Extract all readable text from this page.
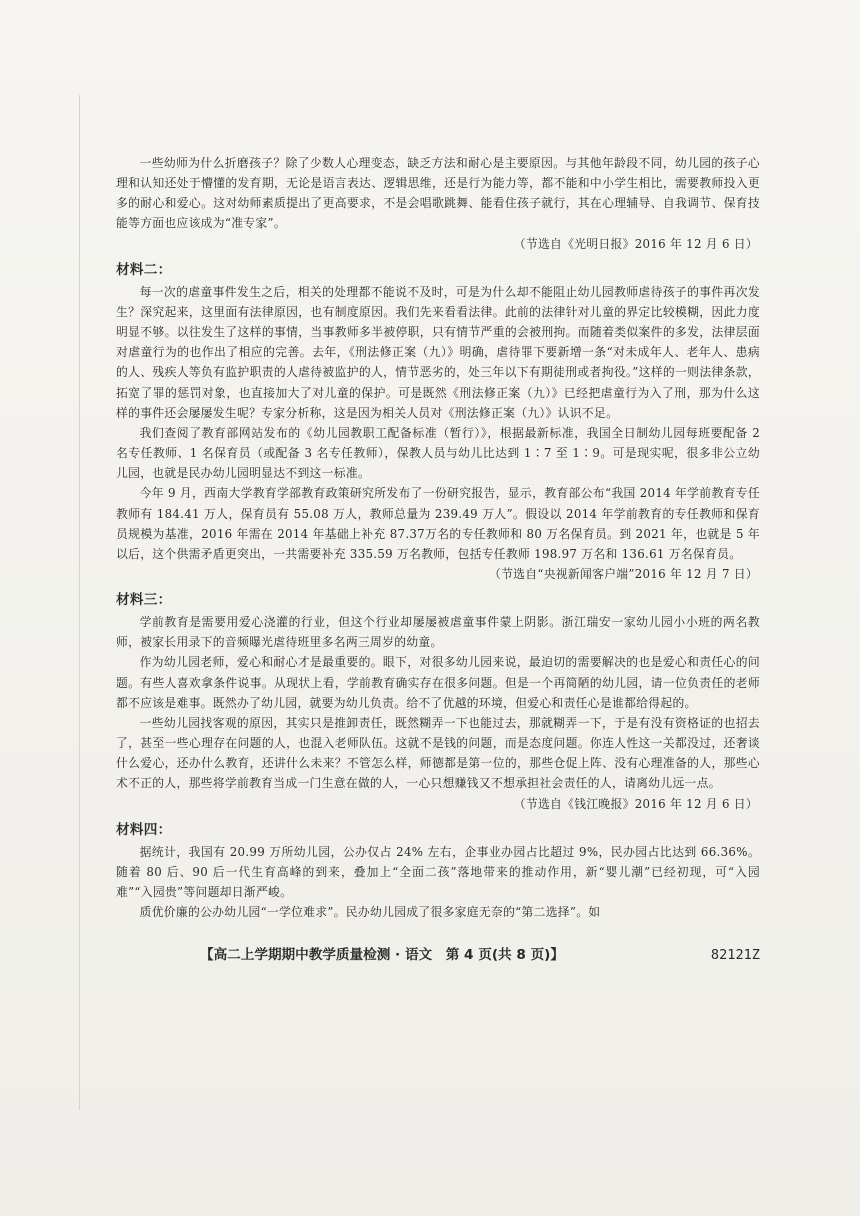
一些幼师为什么折磨孩子？除了少数人心理变态，缺乏方法和耐心是主要原因。与其他年龄段不同，幼儿园的孩子心理和认知还处于懵懂的发育期，无论是语言表达、逻辑思维，还是行为能力等，都不能和中小学生相比，需要教师投入更多的耐心和爱心。这对幼师素质提出了更高要求，不是会唱歌跳舞、能看住孩子就行，其在心理辅导、自我调节、保育技能等方面也应该成为“准专家”。

（节选自《光明日报》2016 年 12 月 6 日）

材料二：

每一次的虐童事件发生之后，相关的处理都不能说不及时，可是为什么却不能阻止幼儿园教师虐待孩子的事件再次发生？深究起来，这里面有法律原因，也有制度原因。我们先来看看法律。此前的法律针对儿童的界定比较模糊，因此力度明显不够。以往发生了这样的事情，当事教师多半被停职，只有情节严重的会被刑拘。而随着类似案件的多发，法律层面对虐童行为的也作出了相应的完善。去年，《刑法修正案（九）》明确，虐待罪下要新增一条“对未成年人、老年人、患病的人、残疾人等负有监护职责的人虐待被监护的人，情节恶劣的，处三年以下有期徒刑或者拘役。”这样的一则法律条款，拓宽了罪的惩罚对象，也直接加大了对儿童的保护。可是既然《刑法修正案（九）》已经把虐童行为入了刑，那为什么这样的事件还会屡屡发生呢？专家分析称，这是因为相关人员对《刑法修正案（九）》认识不足。

我们查阅了教育部网站发布的《幼儿园教职工配备标准（暂行）》，根据最新标准，我国全日制幼儿园每班要配备 2 名专任教师、1 名保育员（或配备 3 名专任教师），保教人员与幼儿比达到 1∶7 至 1∶9。可是现实呢，很多非公立幼儿园，也就是民办幼儿园明显达不到这一标准。

今年 9 月，西南大学教育学部教育政策研究所发布了一份研究报告，显示，教育部公布“我国 2014 年学前教育专任教师有 184.41 万人，保育员有 55.08 万人，教师总量为 239.49 万人”。假设以 2014 年学前教育的专任教师和保育员规模为基准，2016 年需在 2014 年基础上补充 87.37万名的专任教师和 80 万名保育员。到 2021 年，也就是 5 年以后，这个供需矛盾更突出，一共需要补充 335.59 万名教师，包括专任教师 198.97 万名和 136.61 万名保育员。

（节选自“央视新闻客户端”2016 年 12 月 7 日）

材料三：

学前教育是需要用爱心浇灌的行业，但这个行业却屡屡被虐童事件蒙上阴影。浙江瑞安一家幼儿园小小班的两名教师，被家长用录下的音频曝光虐待班里多名两三周岁的幼童。

作为幼儿园老师，爱心和耐心才是最重要的。眼下，对很多幼儿园来说，最迫切的需要解决的也是爱心和责任心的问题。有些人喜欢拿条件说事。从现状上看，学前教育确实存在很多问题。但是一个再简陋的幼儿园，请一位负责任的老师都不应该是难事。既然办了幼儿园，就要为幼儿负责。给不了优越的环境，但爱心和责任心是谁都给得起的。

一些幼儿园找客观的原因，其实只是推卸责任，既然糊弄一下也能过去，那就糊弄一下，于是有没有资格证的也招去了，甚至一些心理存在问题的人，也混入老师队伍。这就不是钱的问题，而是态度问题。你连人性这一关都没过，还奢谈什么爱心，还办什么教育，还讲什么未来？不管怎么样，师德都是第一位的，那些仓促上阵、没有心理准备的人，那些心术不正的人，那些将学前教育当成一门生意在做的人，一心只想赚钱又不想承担社会责任的人，请离幼儿远一点。

（节选自《钱江晚报》2016 年 12 月 6 日）

材料四：

据统计，我国有 20.99 万所幼儿园，公办仅占 24% 左右，企事业办园占比超过 9%，民办园占比达到 66.36%。随着 80 后、90 后一代生育高峰的到来，叠加上“全面二孩”落地带来的推动作用，新“婴儿潮”已经初现，可“入园难”“入园贵”等问题却日渐严峻。

质优价廉的公办幼儿园“一学位难求”。民办幼儿园成了很多家庭无奈的“第二选择”。如

【高二上学期期中教学质量检测 · 语文　第 4 页(共 8 页)】	82121Z
